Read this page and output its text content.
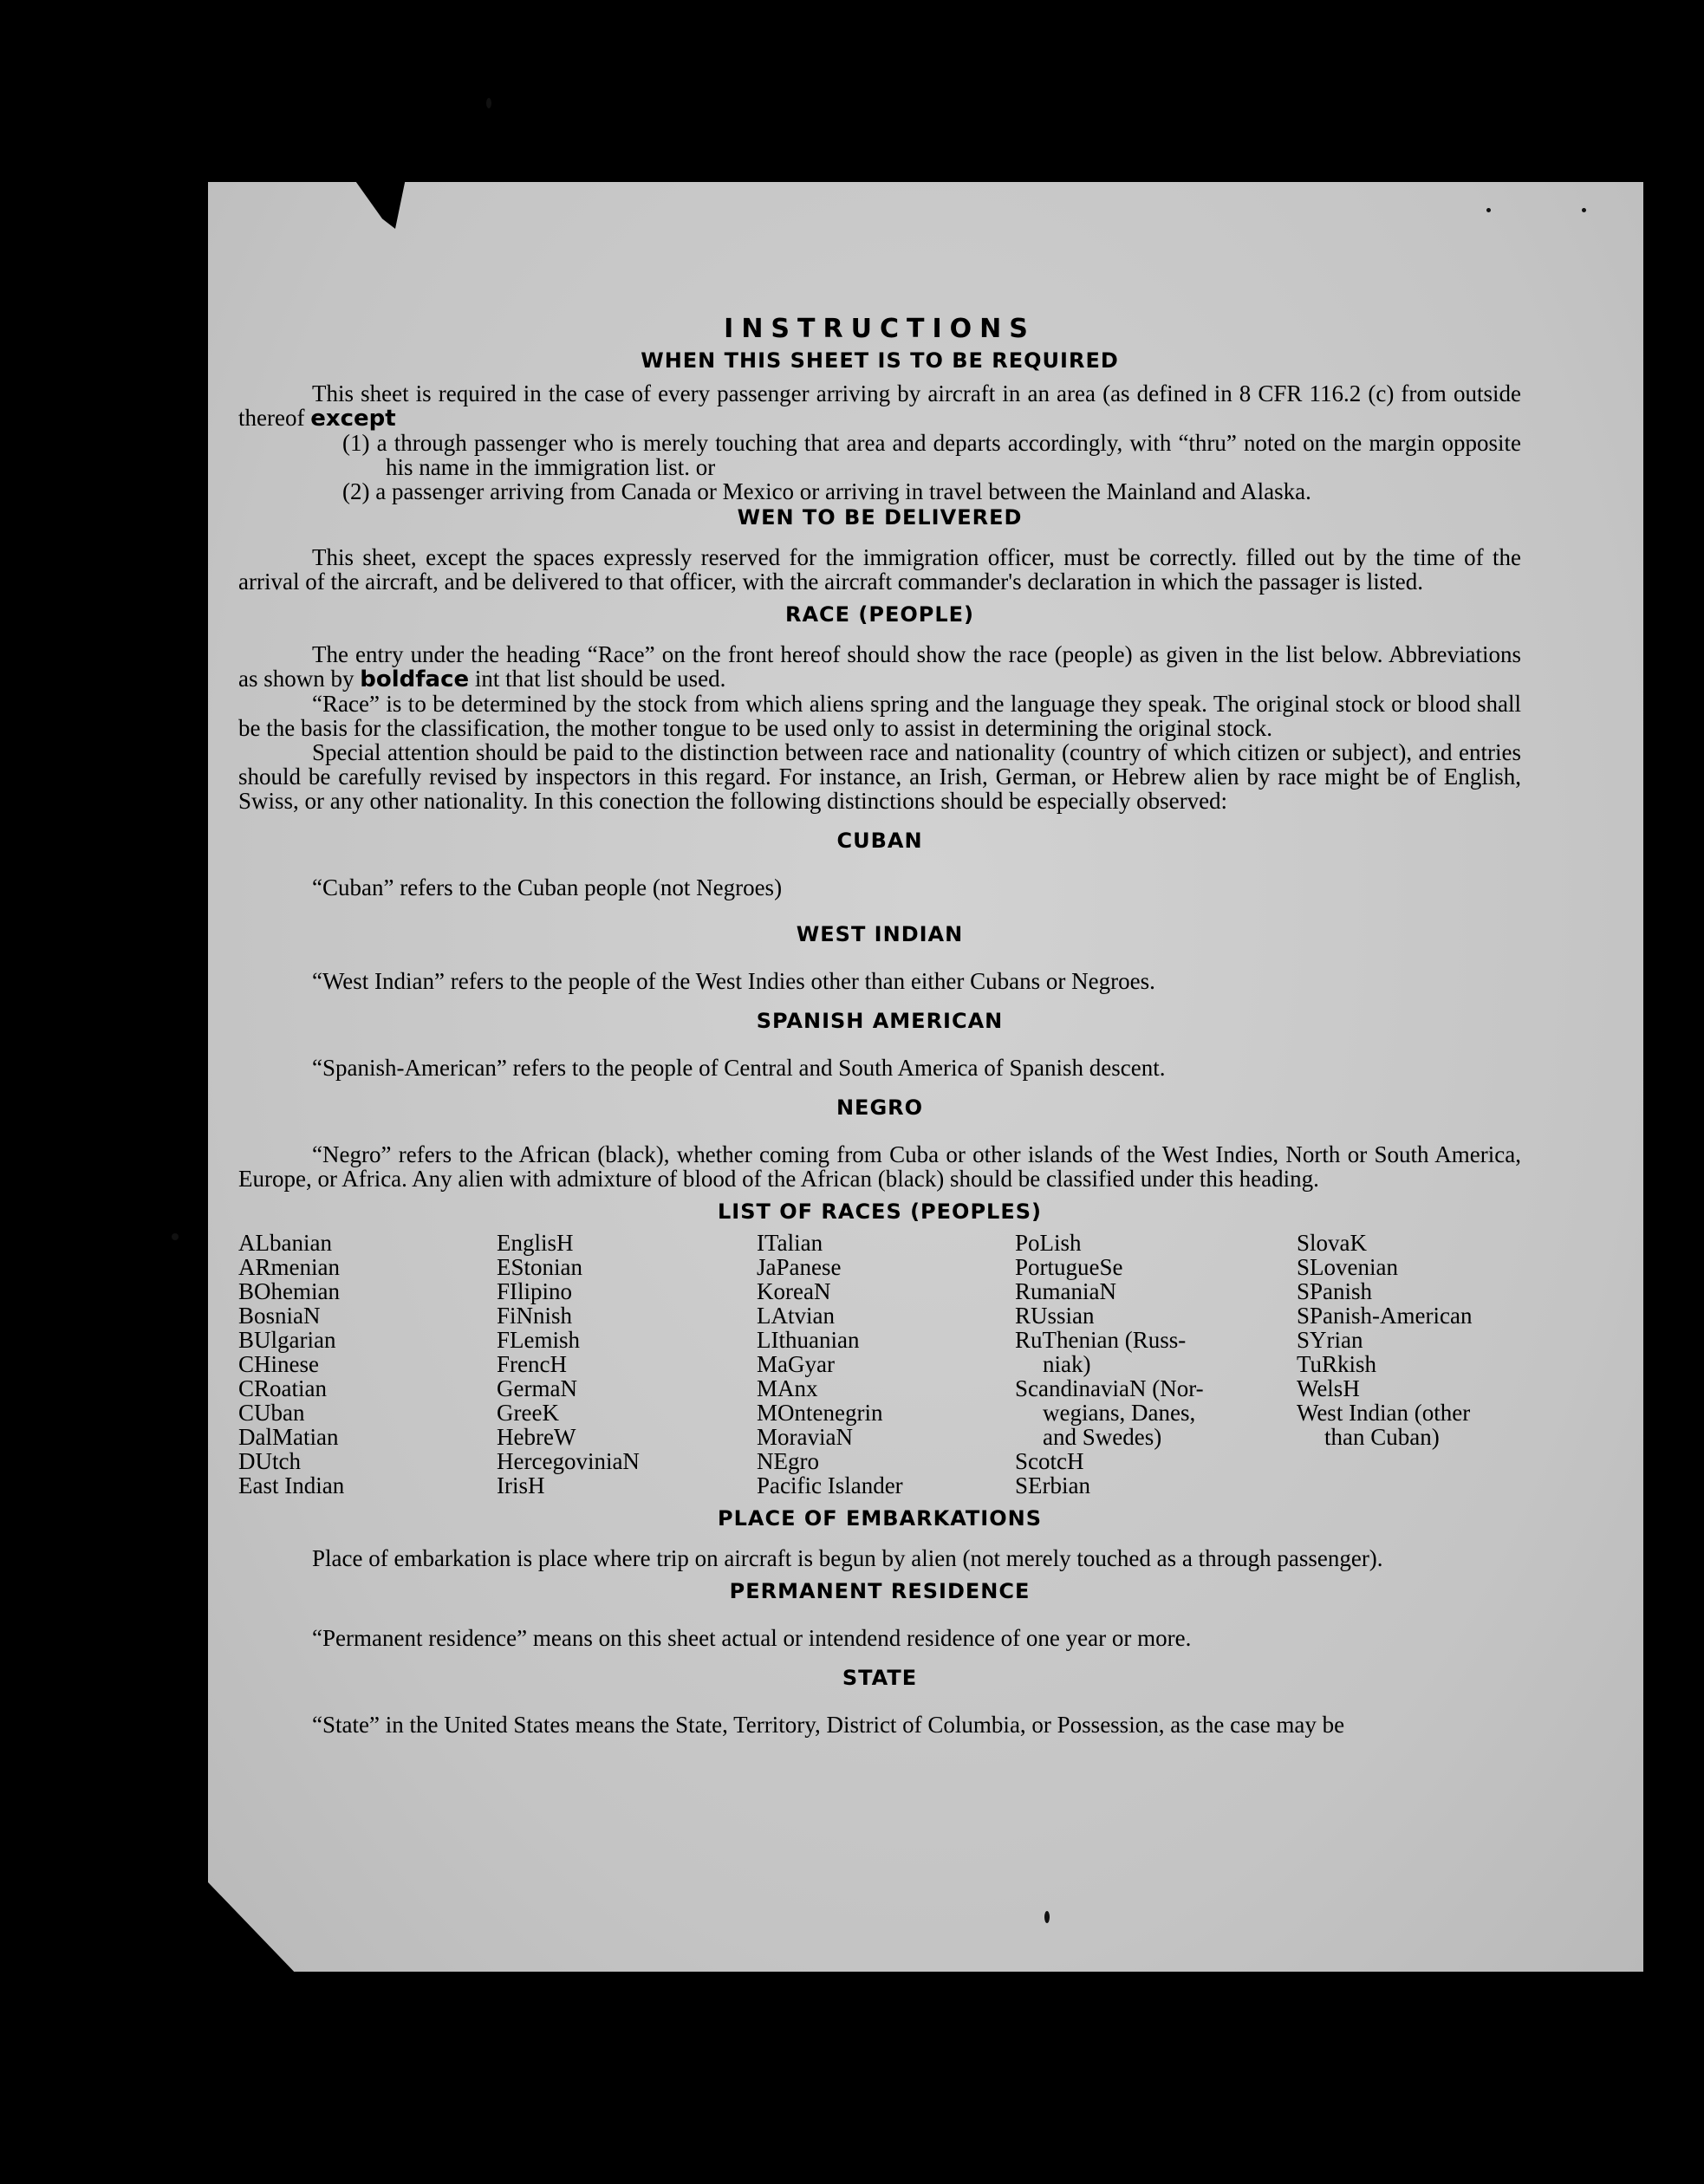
INSTRUCTIONS
WHEN THIS SHEET IS TO BE REQUIRED

This sheet is required in the case of every passenger arriving by aircraft in an area (as defined in 8 CFR 116.2 (c) from outside thereof except

(1) a through passenger who is merely touching that area and departs accordingly, with “thru” noted on the margin opposite his name in the immigration list. or

(2) a passenger arriving from Canada or Mexico or arriving in travel between the Mainland and Alaska.

WEN TO BE DELIVERED

This sheet, except the spaces expressly reserved for the immigration officer, must be correctly. filled out by the time of the arrival of the aircraft, and be delivered to that officer, with the aircraft commander's declaration in which the passager is listed.

RACE (PEOPLE)

The entry under the heading “Race” on the front hereof should show the race (people) as given in the list below. Abbreviations as shown by boldface int that list should be used.

“Race” is to be determined by the stock from which aliens spring and the language they speak. The original stock or blood shall be the basis for the classification, the mother tongue to be used only to assist in determining the original stock.

Special attention should be paid to the distinction between race and nationality (country of which citizen or subject), and entries should be carefully revised by inspectors in this regard. For instance, an Irish, German, or Hebrew alien by race might be of English, Swiss, or any other nationality. In this conection the following distinctions should be especially observed:

CUBAN

“Cuban” refers to the Cuban people (not Negroes)

WEST INDIAN

“West Indian” refers to the people of the West Indies other than either Cubans or Negroes.

SPANISH AMERICAN

“Spanish-American” refers to the people of Central and South America of Spanish descent.

NEGRO

“Negro” refers to the African (black), whether coming from Cuba or other islands of the West Indies, North or South America, Europe, or Africa. Any alien with admixture of blood of the African (black) should be classified under this heading.

LIST OF RACES (PEOPLES)
ALbanian
ARmenian
BOhemian
BosniaN
BUlgarian
CHinese
CRoatian
CUban
DalMatian
DUtch
East Indian
EnglisH
EStonian
FIlipino
FiNnish
FLemish
FrencH
GermaN
GreeK
HebreW
HercegoviniaN
IrisH
ITalian
JaPanese
KoreaN
LAtvian
LIthuanian
MaGyar
MAnx
MOntenegrin
MoraviaN
NEgro
Pacific Islander
PoLish
PortugueSe
RumaniaN
RUssian
RuThenian (Russ-
niak)
ScandinaviaN (Nor-
wegians, Danes,
and Swedes)
ScotcH
SErbian
SlovaK
SLovenian
SPanish
SPanish-American
SYrian
TuRkish
WelsH
West Indian (other
than Cuban)
PLACE OF EMBARKATIONS

Place of embarkation is place where trip on aircraft is begun by alien (not merely touched as a through passenger).

PERMANENT RESIDENCE

“Permanent residence” means on this sheet actual or intendend residence of one year or more.

STATE

“State” in the United States means the State, Territory, District of Columbia, or Possession, as the case may be
